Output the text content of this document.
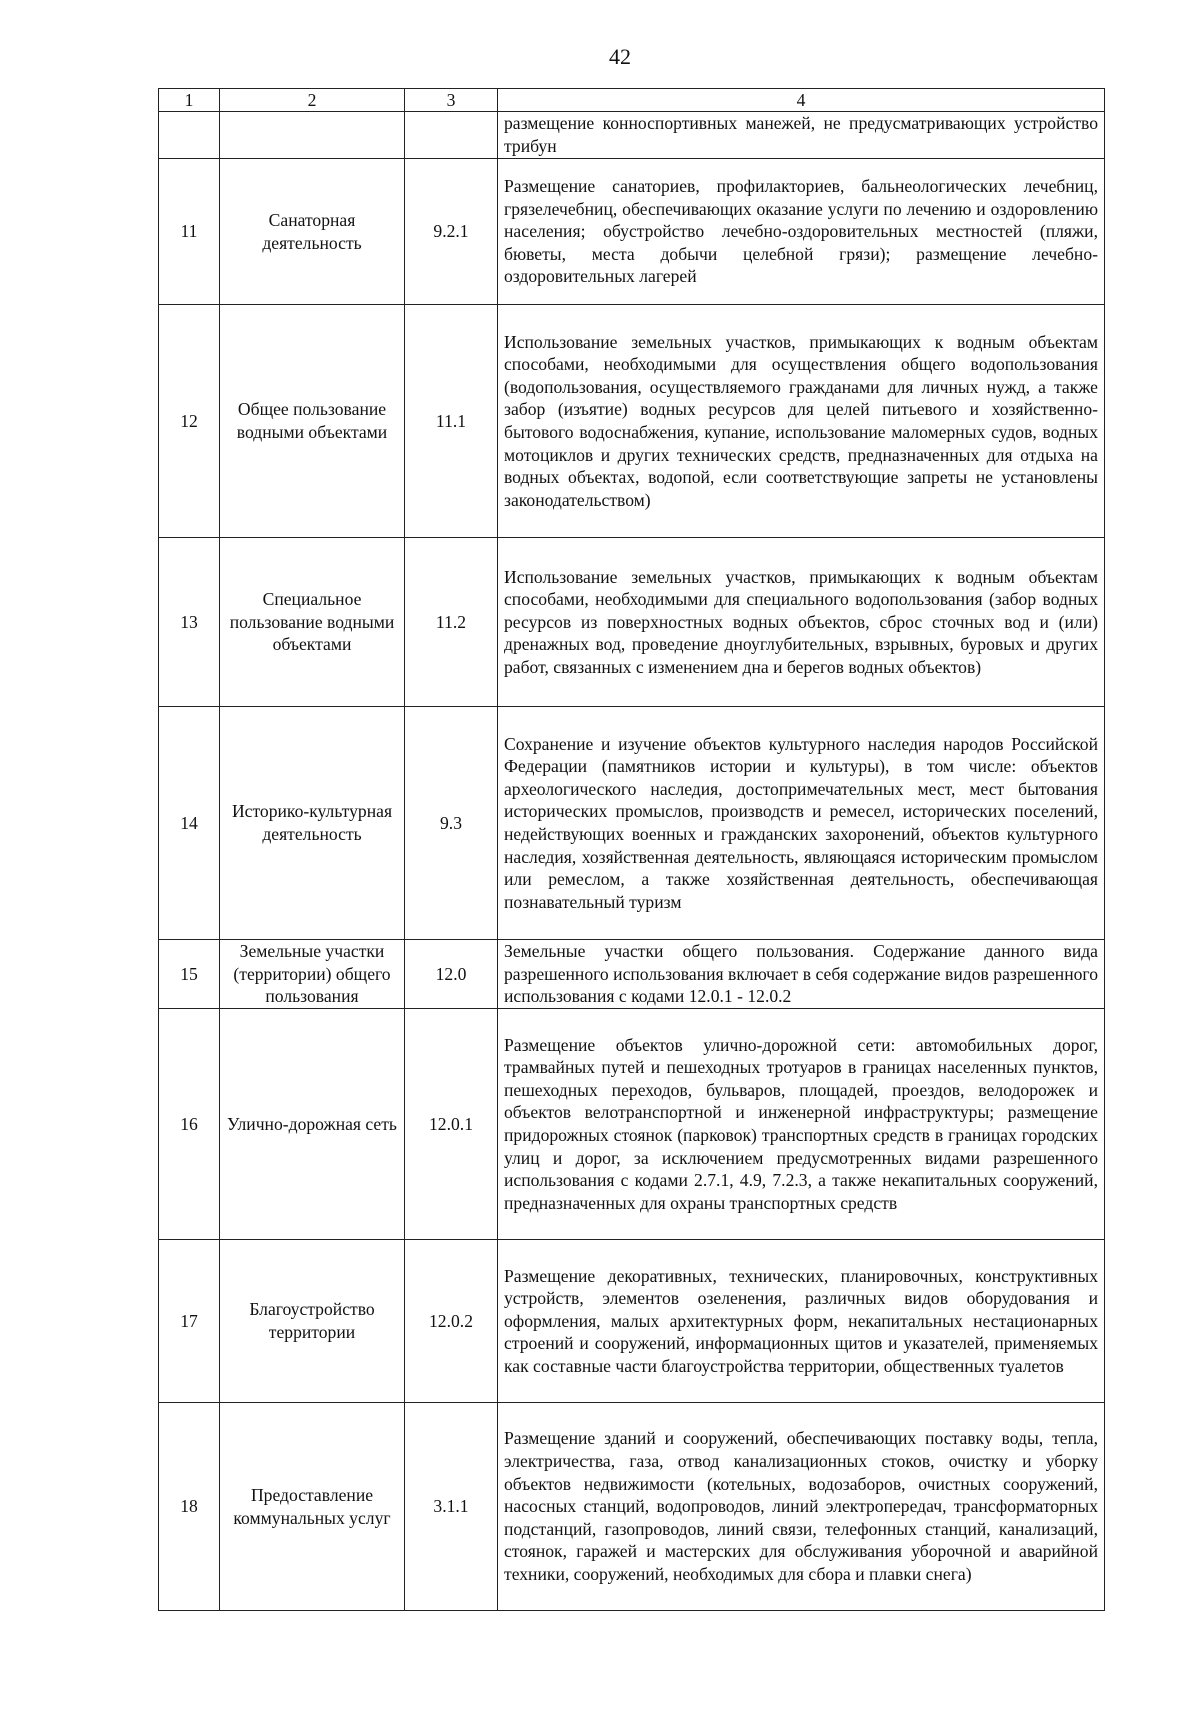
42
1	2	3	4
			размещение конноспортивных манежей, не предусматривающих устройство трибун
11	Санаторная деятельность	9.2.1	Размещение санаториев, профилакториев, бальнеологических лечебниц, грязелечебниц, обеспечивающих оказание услуги по лечению и оздоровлению населения; обустройство лечебно-оздоровительных местностей (пляжи, бюветы, места добычи целебной грязи); размещение лечебно-оздоровительных лагерей
12	Общее пользование водными объектами	11.1	Использование земельных участков, примыкающих к водным объектам способами, необходимыми для осуществления общего водопользования (водопользования, осуществляемого гражданами для личных нужд, а также забор (изъятие) водных ресурсов для целей питьевого и хозяйственно- бытового водоснабжения, купание, использование маломерных судов, водных мотоциклов и других технических средств, предназначенных для отдыха на водных объектах, водопой, если соответствующие запреты не установлены законодательством)
13	Специальное пользование водными объектами	11.2	Использование земельных участков, примыкающих к водным объектам способами, необходимыми для специального водопользования (забор водных ресурсов из поверхностных водных объектов, сброс сточных вод и (или) дренажных вод, проведение дноуглубительных, взрывных, буровых и других работ, связанных с изменением дна и берегов водных объектов)
14	Историко-культурная деятельность	9.3	Сохранение и изучение объектов культурного наследия народов Российской Федерации (памятников истории и культуры), в том числе: объектов археологического наследия, достопримечательных мест, мест бытования исторических промыслов, производств и ремесел, исторических поселений, недействующих военных и гражданских захоронений, объектов культурного наследия, хозяйственная деятельность, являющаяся историческим промыслом или ремеслом, а также хозяйственная деятельность, обеспечивающая познавательный туризм
15	Земельные участки (территории) общего пользования	12.0	Земельные участки общего пользования. Содержание данного вида разрешенного использования включает в себя содержание видов разрешенного использования с кодами 12.0.1 - 12.0.2
16	Улично-дорожная сеть	12.0.1	Размещение объектов улично-дорожной сети: автомобильных дорог, трамвайных путей и пешеходных тротуаров в границах населенных пунктов, пешеходных переходов, бульваров, площадей, проездов, велодорожек и объектов велотранспортной и инженерной инфраструктуры; размещение придорожных стоянок (парковок) транспортных средств в границах городских улиц и дорог, за исключением предусмотренных видами разрешенного использования с кодами 2.7.1, 4.9, 7.2.3, а также некапитальных сооружений, предназначенных для охраны транспортных средств
17	Благоустройство территории	12.0.2	Размещение декоративных, технических, планировочных, конструктивных устройств, элементов озеленения, различных видов оборудования и оформления, малых архитектурных форм, некапитальных нестационарных строений и сооружений, информационных щитов и указателей, применяемых как составные части благоустройства территории, общественных туалетов
18	Предоставление коммунальных услуг	3.1.1	Размещение зданий и сооружений, обеспечивающих поставку воды, тепла, электричества, газа, отвод канализационных стоков, очистку и уборку объектов недвижимости (котельных, водозаборов, очистных сооружений, насосных станций, водопроводов, линий электропередач, трансформаторных подстанций, газопроводов, линий связи, телефонных станций, канализаций, стоянок, гаражей и мастерских для обслуживания уборочной и аварийной техники, сооружений, необходимых для сбора и плавки снега)
